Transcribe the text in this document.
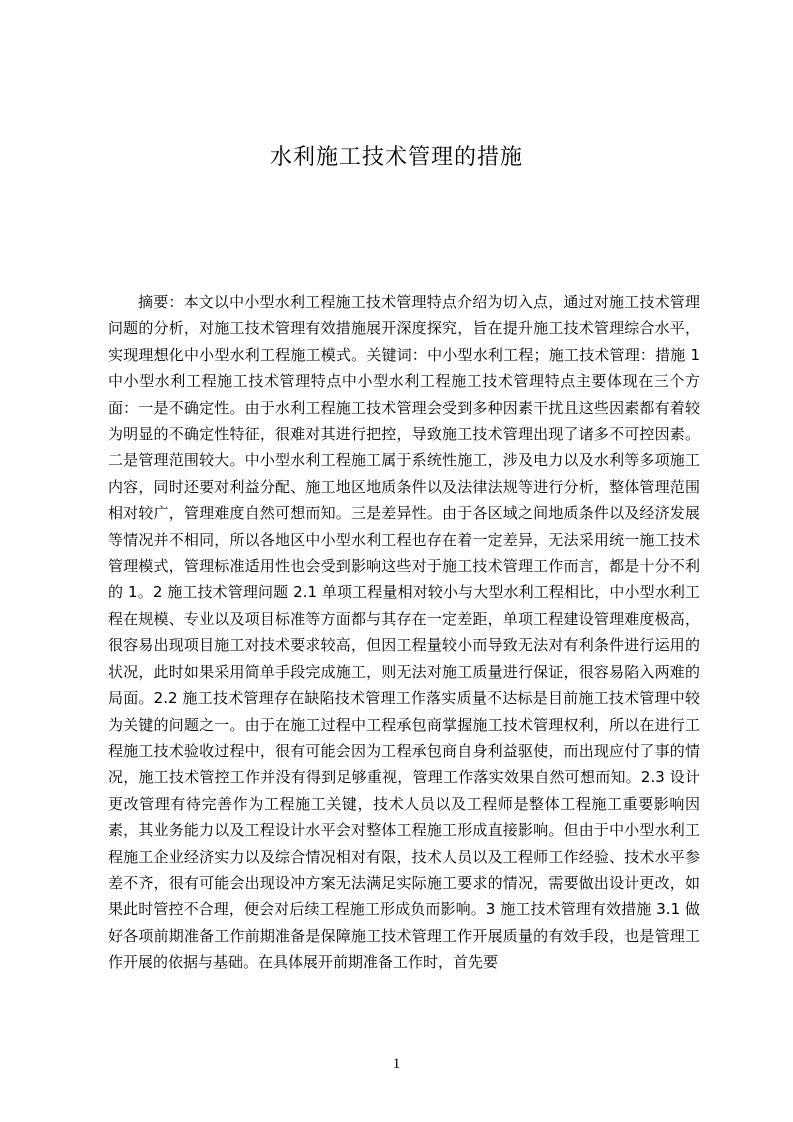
水利施工技术管理的措施

摘要：本文以中小型水利工程施工技术管理特点介绍为切入点，通过对施工技术管理问题的分析，对施工技术管理有效措施展开深度探究，旨在提升施工技术管理综合水平，实现理想化中小型水利工程施工模式。关键词：中小型水利工程；施工技术管理：措施 1 中小型水利工程施工技术管理特点中小型水利工程施工技术管理特点主要体现在三个方面：一是不确定性。由于水利工程施工技术管理会受到多种因素干扰且这些因素都有着较为明显的不确定性特征，很难对其进行把控，导致施工技术管理出现了诸多不可控因素。二是管理范围较大。中小型水利工程施工属于系统性施工，涉及电力以及水利等多项施工内容，同时还要对利益分配、施工地区地质条件以及法律法规等进行分析，整体管理范围相对较广，管理难度自然可想而知。三是差异性。由于各区域之间地质条件以及经济发展等情况并不相同，所以各地区中小型水利工程也存在着一定差异，无法采用统一施工技术管理模式，管理标准适用性也会受到影响这些对于施工技术管理工作而言，都是十分不利的 1。2 施工技术管理问题 2.1 单项工程量相对较小与大型水利工程相比，中小型水利工程在规模、专业以及项目标准等方面都与其存在一定差距，单项工程建设管理难度极高，很容易出现项目施工对技术要求较高，但因工程量较小而导致无法对有利条件进行运用的状况，此时如果采用简单手段完成施工，则无法对施工质量进行保证，很容易陷入两难的局面。2.2 施工技术管理存在缺陷技术管理工作落实质量不达标是目前施工技术管理中较为关键的问题之一。由于在施工过程中工程承包商掌握施工技术管理权利，所以在进行工程施工技术验收过程中，很有可能会因为工程承包商自身利益驱使，而出现应付了事的情况，施工技术管控工作并没有得到足够重视，管理工作落实效果自然可想而知。2.3 设计更改管理有待完善作为工程施工关键，技术人员以及工程师是整体工程施工重要影响因素，其业务能力以及工程设计水平会对整体工程施工形成直接影响。但由于中小型水利工程施工企业经济实力以及综合情况相对有限，技术人员以及工程师工作经验、技术水平参差不齐，很有可能会出现设冲方案无法满足实际施工要求的情况，需要做出设计更改，如果此时管控不合理，便会对后续工程施工形成负而影响。3 施工技术管理有效措施 3.1 做好各项前期准备工作前期准备是保障施工技术管理工作开展质量的有效手段，也是管理工作开展的依据与基础。在具体展开前期准备工作时，首先要

1
